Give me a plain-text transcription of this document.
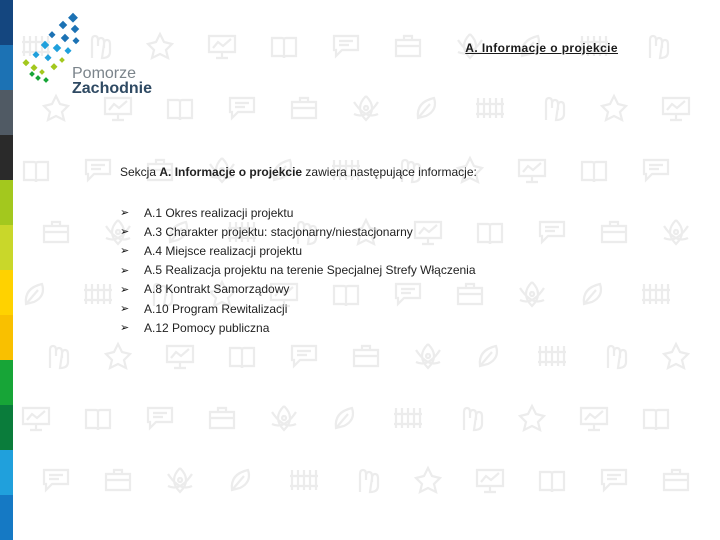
Pomorze
Zachodnie
A. Informacje o projekcie
Sekcja A. Informacje o projekcie zawiera następujące informacje:
➢	A.1 Okres realizacji projektu
➢	A.3 Charakter projektu: stacjonarny/niestacjonarny
➢	A.4 Miejsce realizacji projektu
➢	A.5 Realizacja projektu na terenie Specjalnej Strefy Włączenia
➢	A.8 Kontrakt Samorządowy
➢	A.10 Program Rewitalizacji
➢	A.12 Pomocy publiczna
